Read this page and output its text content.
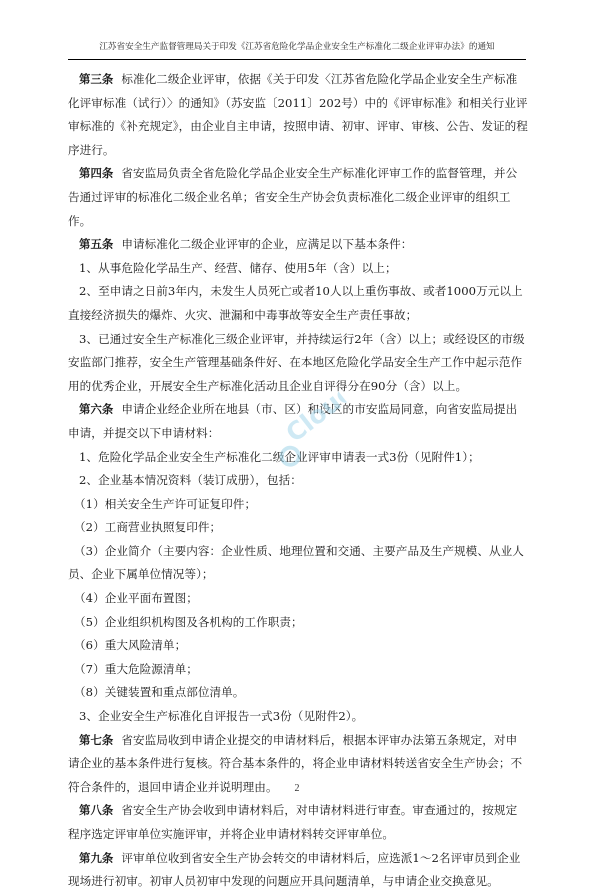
江苏省安全生产监督管理局关于印发《江苏省危险化学品企业安全生产标准化二级企业评审办法》的通知

第三条 标准化二级企业评审，依据《关于印发〈江苏省危险化学品企业安全生产标准化评审标准（试行）〉的通知》（苏安监〔2011〕202号）中的《评审标准》和相关行业评审标准的《补充规定》，由企业自主申请，按照申请、初审、评审、审核、公告、发证的程序进行。

第四条 省安监局负责全省危险化学品企业安全生产标准化评审工作的监督管理，并公告通过评审的标准化二级企业名单；省安全生产协会负责标准化二级企业评审的组织工作。

第五条 申请标准化二级企业评审的企业，应满足以下基本条件：

1、从事危险化学品生产、经营、储存、使用5年（含）以上；

2、至申请之日前3年内，未发生人员死亡或者10人以上重伤事故、或者1000万元以上直接经济损失的爆炸、火灾、泄漏和中毒事故等安全生产责任事故；

3、已通过安全生产标准化三级企业评审，并持续运行2年（含）以上；或经设区的市级安监部门推荐，安全生产管理基础条件好、在本地区危险化学品安全生产工作中起示范作用的优秀企业，开展安全生产标准化活动且企业自评得分在90分（含）以上。

第六条 申请企业经企业所在地县（市、区）和设区的市安监局同意，向省安监局提出申请，并提交以下申请材料：

1、危险化学品企业安全生产标准化二级企业评审申请表一式3份（见附件1）；

2、企业基本情况资料（装订成册），包括：

（1）相关安全生产许可证复印件；

（2）工商营业执照复印件；

（3）企业简介（主要内容：企业性质、地理位置和交通、主要产品及生产规模、从业人员、企业下属单位情况等）；

（4）企业平面布置图；

（5）企业组织机构图及各机构的工作职责；

（6）重大风险清单；

（7）重大危险源清单；

（8）关键装置和重点部位清单。

3、企业安全生产标准化自评报告一式3份（见附件2）。

第七条 省安监局收到申请企业提交的申请材料后，根据本评审办法第五条规定，对申请企业的基本条件进行复核。符合基本条件的，将企业申请材料转送省安全生产协会；不符合条件的，退回申请企业并说明理由。

第八条 省安全生产协会收到申请材料后，对申请材料进行审查。审查通过的，按规定程序选定评审单位实施评审，并将企业申请材料转交评审单位。

第九条 评审单位收到省安全生产协会转交的申请材料后，应选派1～2名评审员到企业现场进行初审。初审人员初审中发现的问题应开具问题清单，与申请企业交换意见。

Cloud
2
